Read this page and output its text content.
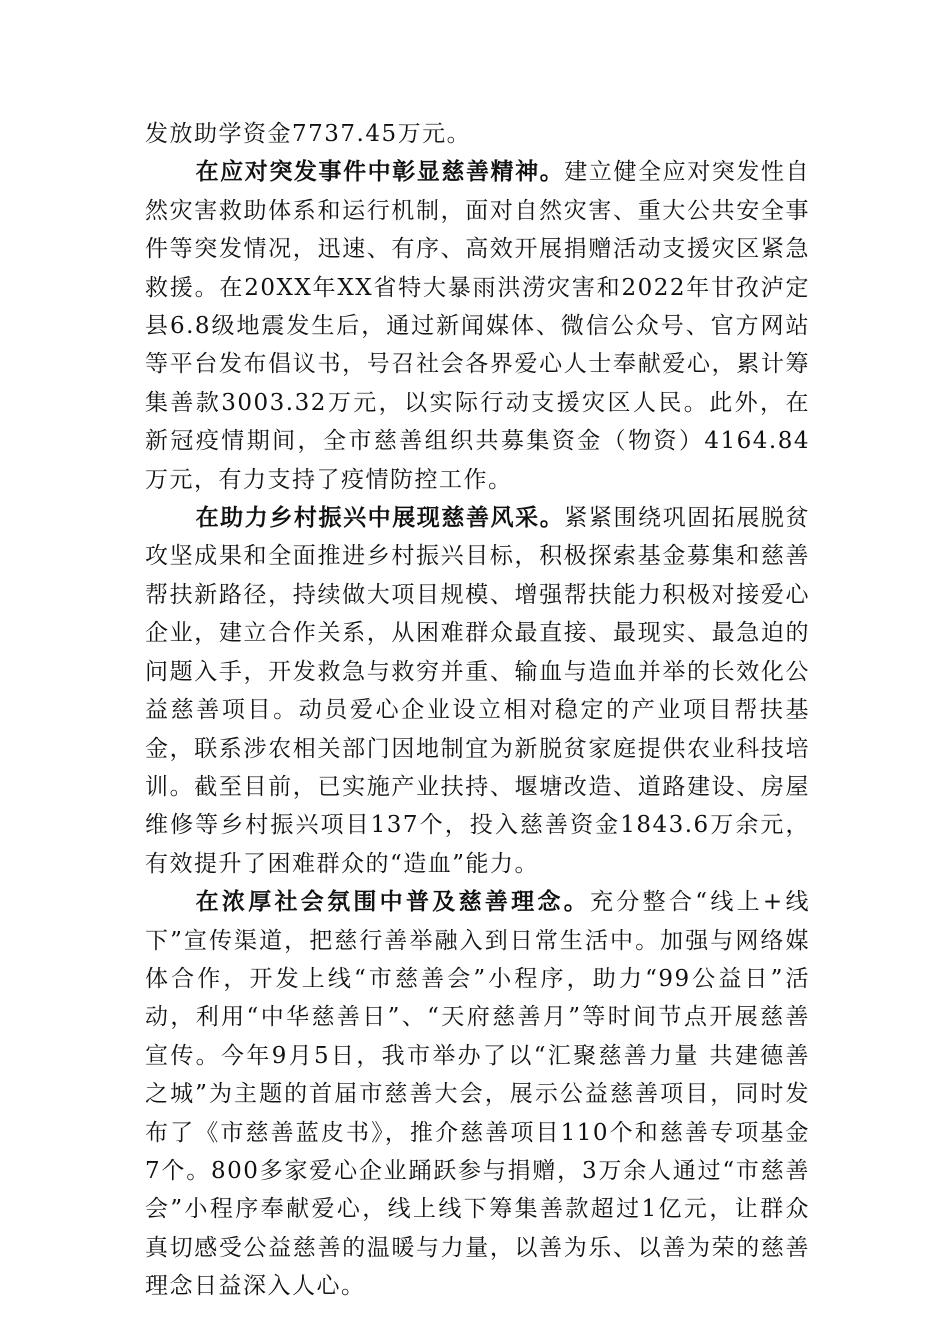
发放助学资金7737.45万元。

在应对突发事件中彰显慈善精神。建立健全应对突发性自然灾害救助体系和运行机制，面对自然灾害、重大公共安全事件等突发情况，迅速、有序、高效开展捐赠活动支援灾区紧急救援。在20XX年XX省特大暴雨洪涝灾害和2022年甘孜泸定县6.8级地震发生后，通过新闻媒体、微信公众号、官方网站等平台发布倡议书，号召社会各界爱心人士奉献爱心，累计筹集善款3003.32万元，以实际行动支援灾区人民。此外，在新冠疫情期间，全市慈善组织共募集资金（物资）4164.84万元，有力支持了疫情防控工作。

在助力乡村振兴中展现慈善风采。紧紧围绕巩固拓展脱贫攻坚成果和全面推进乡村振兴目标，积极探索基金募集和慈善帮扶新路径，持续做大项目规模、增强帮扶能力积极对接爱心企业，建立合作关系，从困难群众最直接、最现实、最急迫的问题入手，开发救急与救穷并重、输血与造血并举的长效化公益慈善项目。动员爱心企业设立相对稳定的产业项目帮扶基金，联系涉农相关部门因地制宜为新脱贫家庭提供农业科技培训。截至目前，已实施产业扶持、堰塘改造、道路建设、房屋维修等乡村振兴项目137个，投入慈善资金1843.6万余元，有效提升了困难群众的“造血”能力。

在浓厚社会氛围中普及慈善理念。充分整合“线上+线下”宣传渠道，把慈行善举融入到日常生活中。加强与网络媒体合作，开发上线“市慈善会”小程序，助力“99公益日”活动，利用“中华慈善日”、“天府慈善月”等时间节点开展慈善宣传。今年9月5日，我市举办了以“汇聚慈善力量 共建德善之城”为主题的首届市慈善大会，展示公益慈善项目，同时发布了《市慈善蓝皮书》，推介慈善项目110个和慈善专项基金7个。800多家爱心企业踊跃参与捐赠，3万余人通过“市慈善会”小程序奉献爱心，线上线下筹集善款超过1亿元，让群众真切感受公益慈善的温暖与力量，以善为乐、以善为荣的慈善理念日益深入人心。
